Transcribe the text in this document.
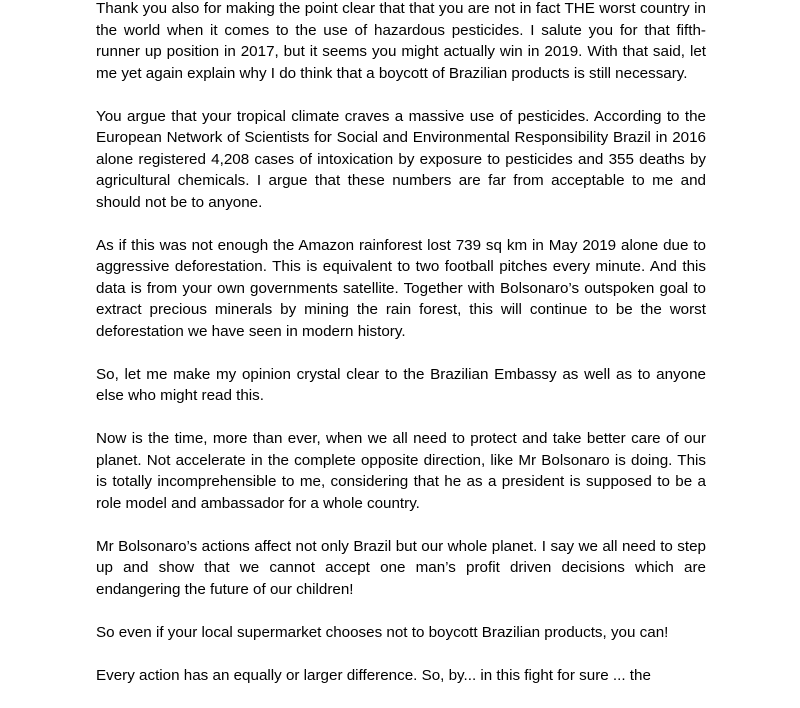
Thank you also for making the point clear that that you are not in fact THE worst country in the world when it comes to the use of hazardous pesticides. I salute you for that fifth-runner up position in 2017, but it seems you might actually win in 2019. With that said, let me yet again explain why I do think that a boycott of Brazilian products is still necessary.

You argue that your tropical climate craves a massive use of pesticides. According to the European Network of Scientists for Social and Environmental Responsibility Brazil in 2016 alone registered 4,208 cases of intoxication by exposure to pesticides and 355 deaths by agricultural chemicals. I argue that these numbers are far from acceptable to me and should not be to anyone.

As if this was not enough the Amazon rainforest lost 739 sq km in May 2019 alone due to aggressive deforestation. This is equivalent to two football pitches every minute. And this data is from your own governments satellite. Together with Bolsonaro’s outspoken goal to extract precious minerals by mining the rain forest, this will continue to be the worst deforestation we have seen in modern history.

So, let me make my opinion crystal clear to the Brazilian Embassy as well as to anyone else who might read this.

Now is the time, more than ever, when we all need to protect and take better care of our planet. Not accelerate in the complete opposite direction, like Mr Bolsonaro is doing. This is totally incomprehensible to me, considering that he as a president is supposed to be a role model and ambassador for a whole country.

Mr Bolsonaro’s actions affect not only Brazil but our whole planet. I say we all need to step up and show that we cannot accept one man’s profit driven decisions which are endangering the future of our children!

So even if your local supermarket chooses not to boycott Brazilian products, you can!

Every action has an equally or larger difference. So, by... in this fight for sure ... the
